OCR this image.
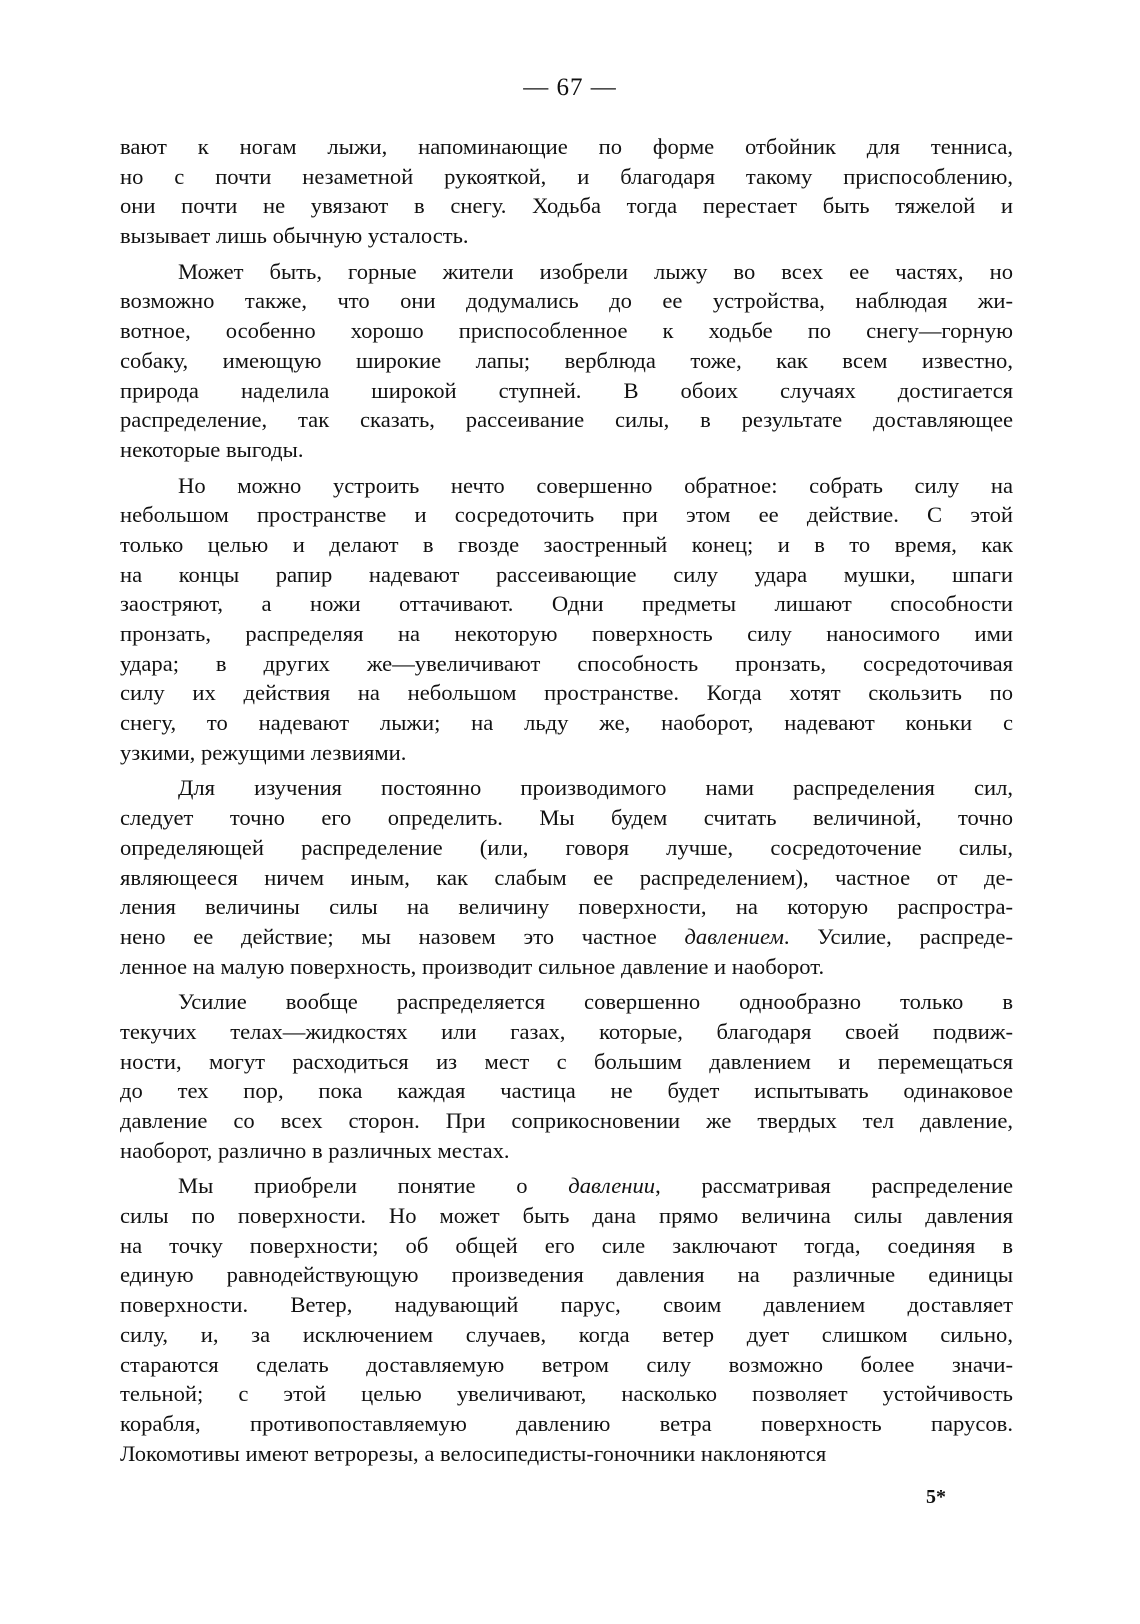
— 67 —
вают к ногам лыжи, напоминающие по форме отбойник для тенниса,
но с почти незаметной рукояткой, и благодаря такому приспособлению,
они почти не увязают в снегу. Ходьба тогда перестает быть тяжелой и
вызывает лишь обычную усталость.
Может быть, горные жители изобрели лыжу во всех ее частях, но
возможно также, что они додумались до ее устройства, наблюдая жи-
вотное, особенно хорошо приспособленное к ходьбе по снегу—горную
собаку, имеющую широкие лапы; верблюда тоже, как всем известно,
природа наделила широкой ступней. В обоих случаях достигается
распределение, так сказать, рассеивание силы, в результате доставляющее
некоторые выгоды.
Но можно устроить нечто совершенно обратное: собрать силу на
небольшом пространстве и сосредоточить при этом ее действие. С этой
только целью и делают в гвозде заостренный конец; и в то время, как
на концы рапир надевают рассеивающие силу удара мушки, шпаги
заостряют, а ножи оттачивают. Одни предметы лишают способности
пронзать, распределяя на некоторую поверхность силу наносимого ими
удара; в других же—увеличивают способность пронзать, сосредоточивая
силу их действия на небольшом пространстве. Когда хотят скользить по
снегу, то надевают лыжи; на льду же, наоборот, надевают коньки с
узкими, режущими лезвиями.
Для изучения постоянно производимого нами распределения сил,
следует точно его определить. Мы будем считать величиной, точно
определяющей распределение (или, говоря лучше, сосредоточение силы,
являющееся ничем иным, как слабым ее распределением), частное от де-
ления величины силы на величину поверхности, на которую распростра-
нено ее действие; мы назовем это частное давлением. Усилие, распреде-
ленное на малую поверхность, производит сильное давление и наоборот.
Усилие вообще распределяется совершенно однообразно только в
текучих телах—жидкостях или газах, которые, благодаря своей подвиж-
ности, могут расходиться из мест с большим давлением и перемещаться
до тех пор, пока каждая частица не будет испытывать одинаковое
давление со всех сторон. При соприкосновении же твердых тел давление,
наоборот, различно в различных местах.
Мы приобрели понятие о давлении, рассматривая распределение
силы по поверхности. Но может быть дана прямо величина силы давления
на точку поверхности; об общей его силе заключают тогда, соединяя в
единую равнодействующую произведения давления на различные единицы
поверхности. Ветер, надувающий парус, своим давлением доставляет
силу, и, за исключением случаев, когда ветер дует слишком сильно,
стараются сделать доставляемую ветром силу возможно более значи-
тельной; с этой целью увеличивают, насколько позволяет устойчивость
корабля, противопоставляемую давлению ветра поверхность парусов.
Локомотивы имеют ветрорезы, а велосипедисты-гоночники наклоняются
5*
